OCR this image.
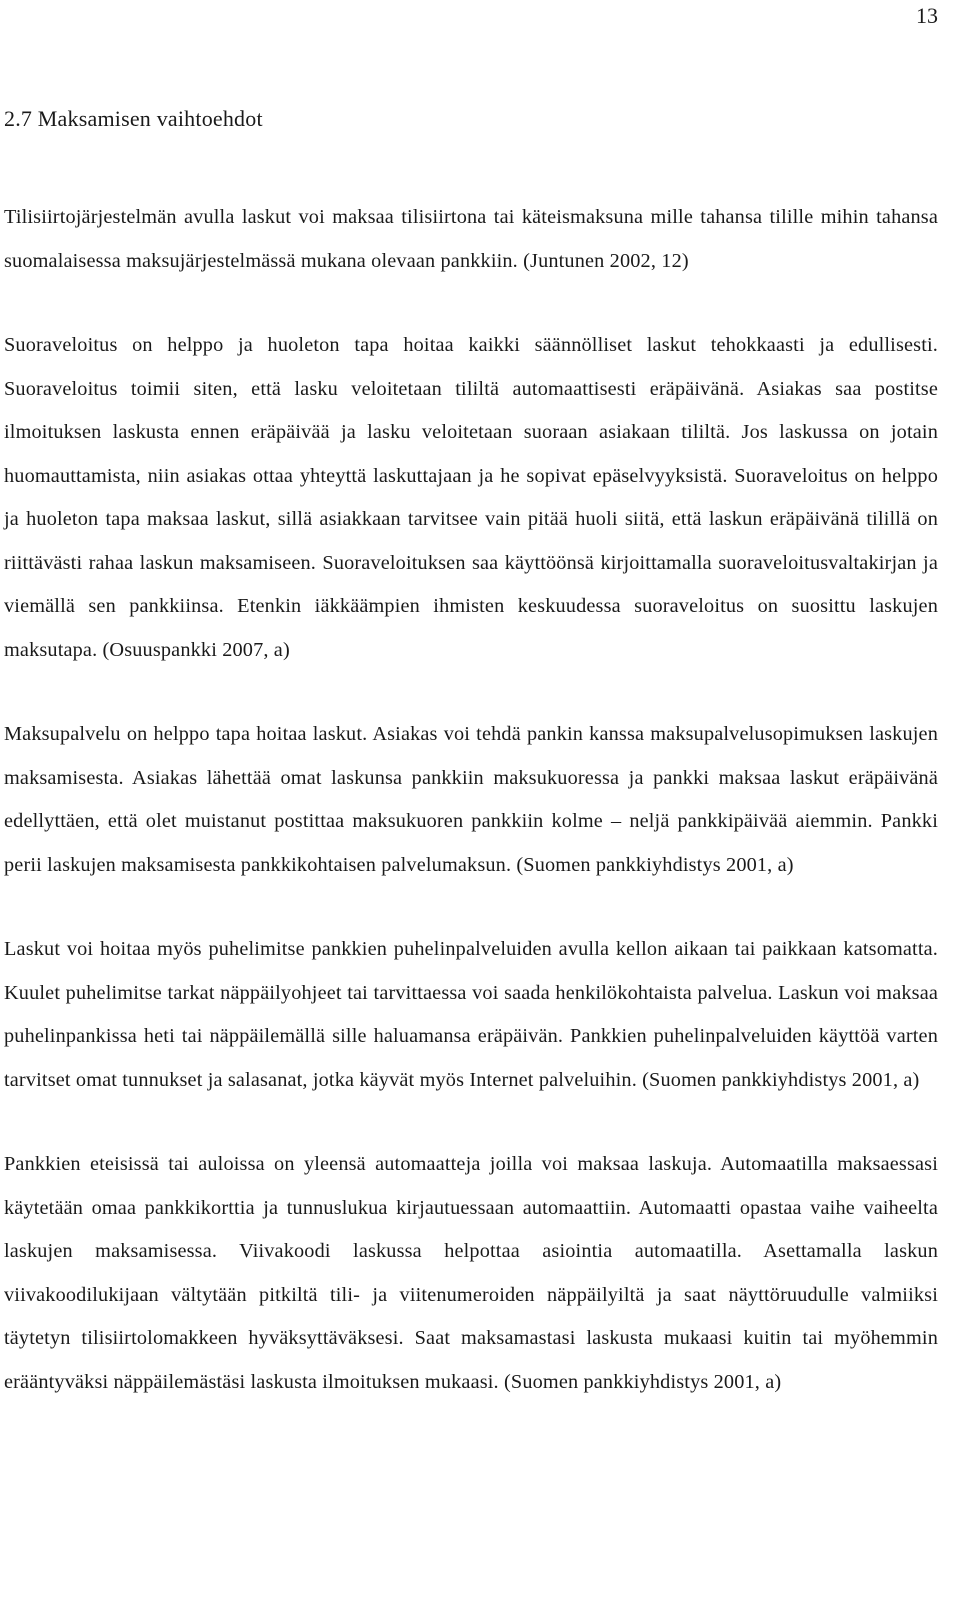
13
2.7 Maksamisen vaihtoehdot

Tilisiirtojärjestelmän avulla laskut voi maksaa tilisiirtona tai käteismaksuna mille tahansa tilille mihin tahansa suomalaisessa maksujärjestelmässä mukana olevaan pankkiin. (Juntunen 2002, 12)

Suoraveloitus on helppo ja huoleton tapa hoitaa kaikki säännölliset laskut tehokkaasti ja edullisesti. Suoraveloitus toimii siten, että lasku veloitetaan tililtä automaattisesti eräpäivänä. Asiakas saa postitse ilmoituksen laskusta ennen eräpäivää ja lasku veloitetaan suoraan asiakaan tililtä. Jos laskussa on jotain huomauttamista, niin asiakas ottaa yhteyttä laskuttajaan ja he sopivat epäselvyyksistä. Suoraveloitus on helppo ja huoleton tapa maksaa laskut, sillä asiakkaan tarvitsee vain pitää huoli siitä, että laskun eräpäivänä tilillä on riittävästi rahaa laskun maksamiseen. Suoraveloituksen saa käyttöönsä kirjoittamalla suoraveloitusvaltakirjan ja viemällä sen pankkiinsa. Etenkin iäkkäämpien ihmisten keskuudessa suoraveloitus on suosittu laskujen maksutapa. (Osuuspankki 2007, a)

Maksupalvelu on helppo tapa hoitaa laskut. Asiakas voi tehdä pankin kanssa maksupalvelusopimuksen laskujen maksamisesta. Asiakas lähettää omat laskunsa pankkiin maksukuoressa ja pankki maksaa laskut eräpäivänä edellyttäen, että olet muistanut postittaa maksukuoren pankkiin kolme – neljä pankkipäivää aiemmin. Pankki perii laskujen maksamisesta pankkikohtaisen palvelumaksun. (Suomen pankkiyhdistys 2001, a)

Laskut voi hoitaa myös puhelimitse pankkien puhelinpalveluiden avulla kellon aikaan tai paikkaan katsomatta. Kuulet puhelimitse tarkat näppäilyohjeet tai tarvittaessa voi saada henkilökohtaista palvelua. Laskun voi maksaa puhelinpankissa heti tai näppäilemällä sille haluamansa eräpäivän. Pankkien puhelinpalveluiden käyttöä varten tarvitset omat tunnukset ja salasanat, jotka käyvät myös Internet palveluihin. (Suomen pankkiyhdistys 2001, a)

Pankkien eteisissä tai auloissa on yleensä automaatteja joilla voi maksaa laskuja. Automaatilla maksaessasi käytetään omaa pankkikorttia ja tunnuslukua kirjautuessaan automaattiin. Automaatti opastaa vaihe vaiheelta laskujen maksamisessa. Viivakoodi laskussa helpottaa asiointia automaatilla. Asettamalla laskun viivakoodilukijaan vältytään pitkiltä tili- ja viitenumeroiden näppäilyiltä ja saat näyttöruudulle valmiiksi täytetyn tilisiirtolomakkeen hyväksyttäväksesi. Saat maksamastasi laskusta mukaasi kuitin tai myöhemmin erääntyväksi näppäilemästäsi laskusta ilmoituksen mukaasi. (Suomen pankkiyhdistys 2001, a)
